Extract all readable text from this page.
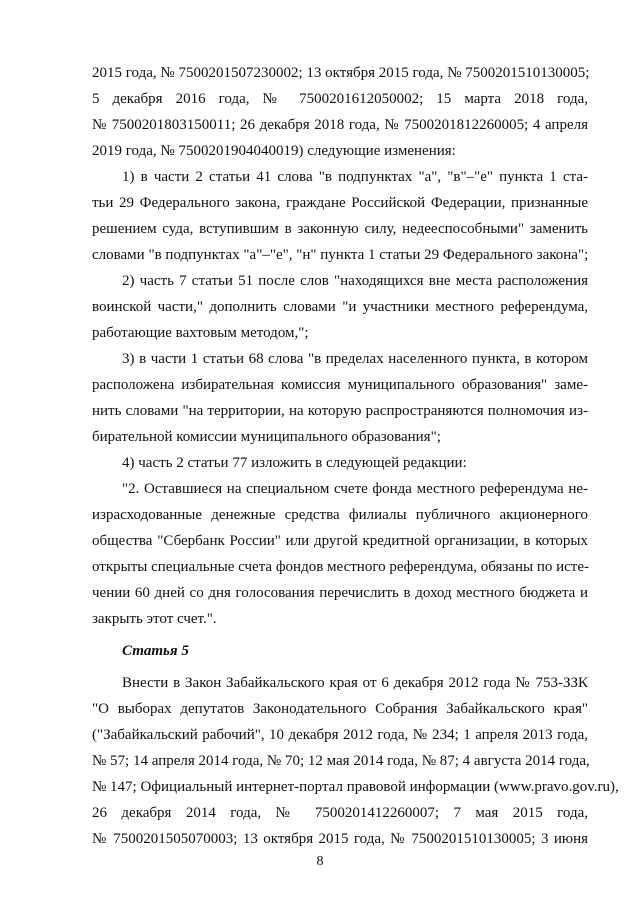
2015 года, № 7500201507230002; 13 октября 2015 года, № 7500201510130005;
5 декабря 2016 года, № 7500201612050002; 15 марта 2018 года,
№ 7500201803150011; 26 декабря 2018 года, № 7500201812260005; 4 апреля
2019 года, № 7500201904040019) следующие изменения:
1) в части 2 статьи 41 слова "в подпунктах "а", "в"–"е" пункта 1 ста-
тьи 29 Федерального закона, граждане Российской Федерации, признанные
решением суда, вступившим в законную силу, недееспособными" заменить
словами "в подпунктах "а"–"е", "н" пункта 1 статьи 29 Федерального закона";
2) часть 7 статьи 51 после слов "находящихся вне места расположения
воинской части," дополнить словами "и участники местного референдума,
работающие вахтовым методом,";
3) в части 1 статьи 68 слова "в пределах населенного пункта, в котором
расположена избирательная комиссия муниципального образования" заме-
нить словами "на территории, на которую распространяются полномочия из-
бирательной комиссии муниципального образования";
4) часть 2 статьи 77 изложить в следующей редакции:
"2. Оставшиеся на специальном счете фонда местного референдума не-
израсходованные денежные средства филиалы публичного акционерного
общества "Сбербанк России" или другой кредитной организации, в которых
открыты специальные счета фондов местного референдума, обязаны по исте-
чении 60 дней со дня голосования перечислить в доход местного бюджета и
закрыть этот счет.".
Статья 5
Внести в Закон Забайкальского края от 6 декабря 2012 года № 753-ЗЗК
"О выборах депутатов Законодательного Собрания Забайкальского края"
("Забайкальский рабочий", 10 декабря 2012 года, № 234; 1 апреля 2013 года,
№ 57; 14 апреля 2014 года, № 70; 12 мая 2014 года, № 87; 4 августа 2014 года,
№ 147; Официальный интернет-портал правовой информации (www.pravo.gov.ru),
26 декабря 2014 года, № 7500201412260007; 7 мая 2015 года,
№ 7500201505070003; 13 октября 2015 года, № 7500201510130005; 3 июня
8
